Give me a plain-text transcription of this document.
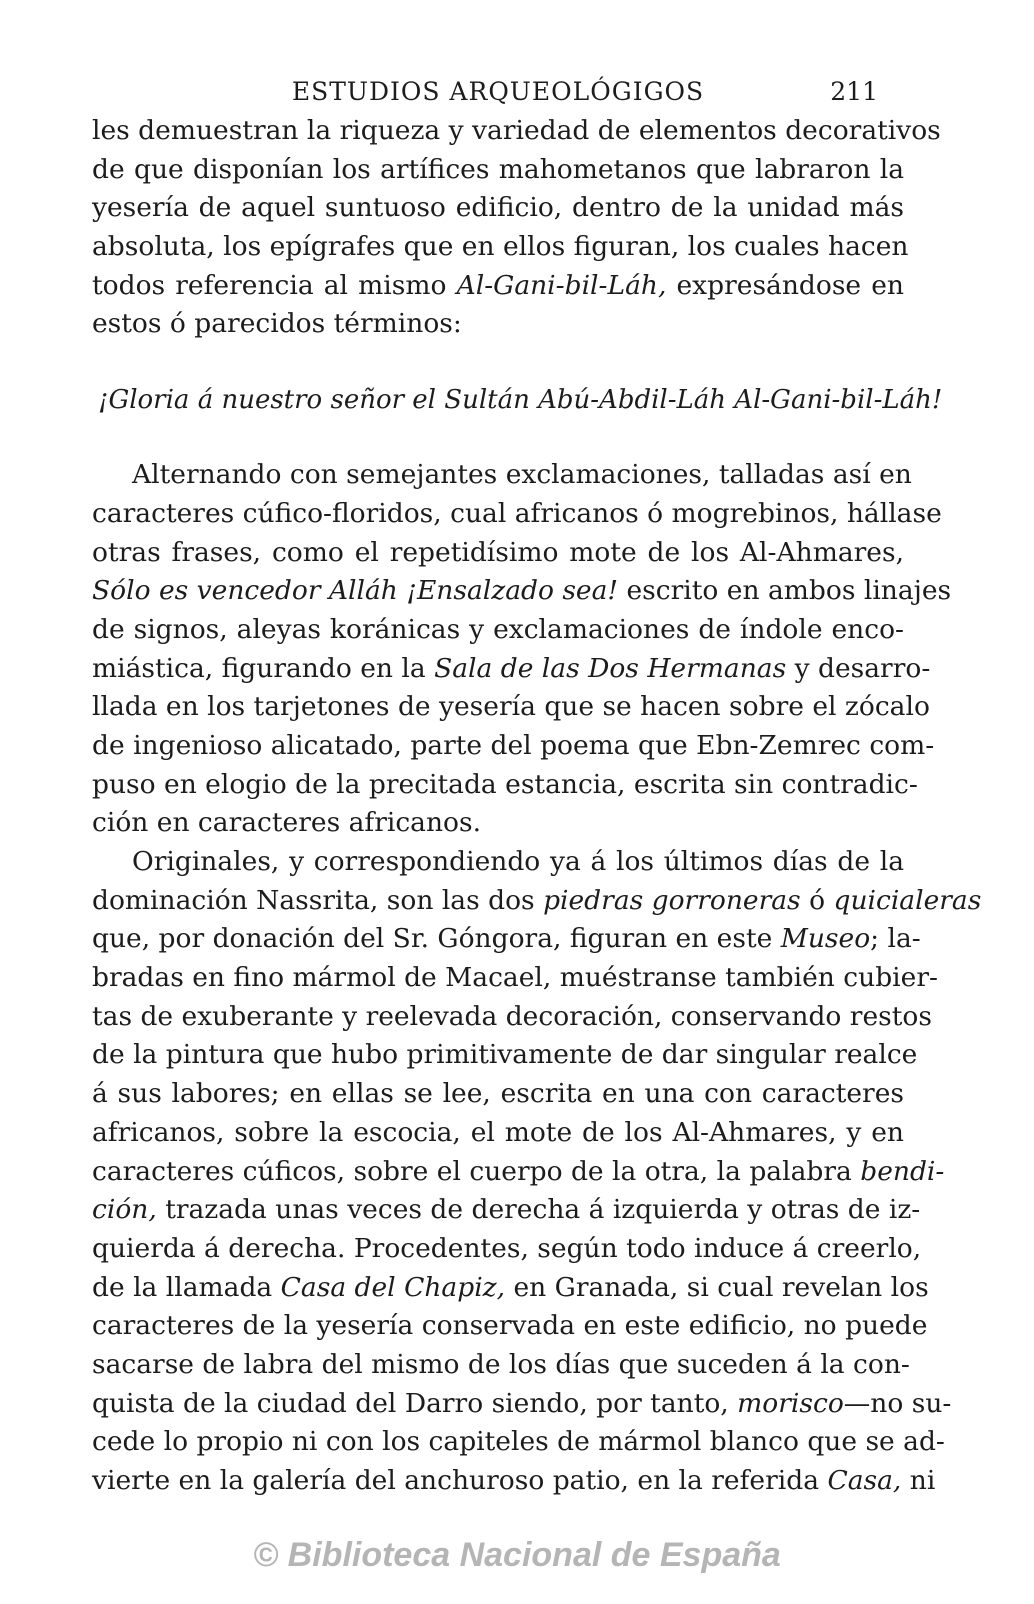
ESTUDIOS ARQUEOLÓGIGOS	211

les demuestran la riqueza y variedad de elementos decorativos
de que disponían los artífices mahometanos que labraron la
yesería de aquel suntuoso edificio, dentro de la unidad más
absoluta, los epígrafes que en ellos figuran, los cuales hacen
todos referencia al mismo Al-Gani-bil-Láh, expresándose en
estos ó parecidos términos:

¡Gloria á nuestro señor el Sultán Abú-Abdil-Láh Al-Gani-bil-Láh!

Alternando con semejantes exclamaciones, talladas así en
caracteres cúfico-floridos, cual africanos ó mogrebinos, hállase
otras frases, como el repetidísimo mote de los Al-Ahmares,
Sólo es vencedor Alláh ¡Ensalzado sea! escrito en ambos linajes
de signos, aleyas koránicas y exclamaciones de índole enco-
miástica, figurando en la Sala de las Dos Hermanas y desarro-
llada en los tarjetones de yesería que se hacen sobre el zócalo
de ingenioso alicatado, parte del poema que Ebn-Zemrec com-
puso en elogio de la precitada estancia, escrita sin contradic-
ción en caracteres africanos.

Originales, y correspondiendo ya á los últimos días de la
dominación Nassrita, son las dos piedras gorroneras ó quicialeras
que, por donación del Sr. Góngora, figuran en este Museo; la-
bradas en fino mármol de Macael, muéstranse también cubier-
tas de exuberante y reelevada decoración, conservando restos
de la pintura que hubo primitivamente de dar singular realce
á sus labores; en ellas se lee, escrita en una con caracteres
africanos, sobre la escocia, el mote de los Al-Ahmares, y en
caracteres cúficos, sobre el cuerpo de la otra, la palabra bendi-
ción, trazada unas veces de derecha á izquierda y otras de iz-
quierda á derecha. Procedentes, según todo induce á creerlo,
de la llamada Casa del Chapiz, en Granada, si cual revelan los
caracteres de la yesería conservada en este edificio, no puede
sacarse de labra del mismo de los días que suceden á la con-
quista de la ciudad del Darro siendo, por tanto, morisco—no su-
cede lo propio ni con los capiteles de mármol blanco que se ad-
vierte en la galería del anchuroso patio, en la referida Casa, ni

© Biblioteca Nacional de España
